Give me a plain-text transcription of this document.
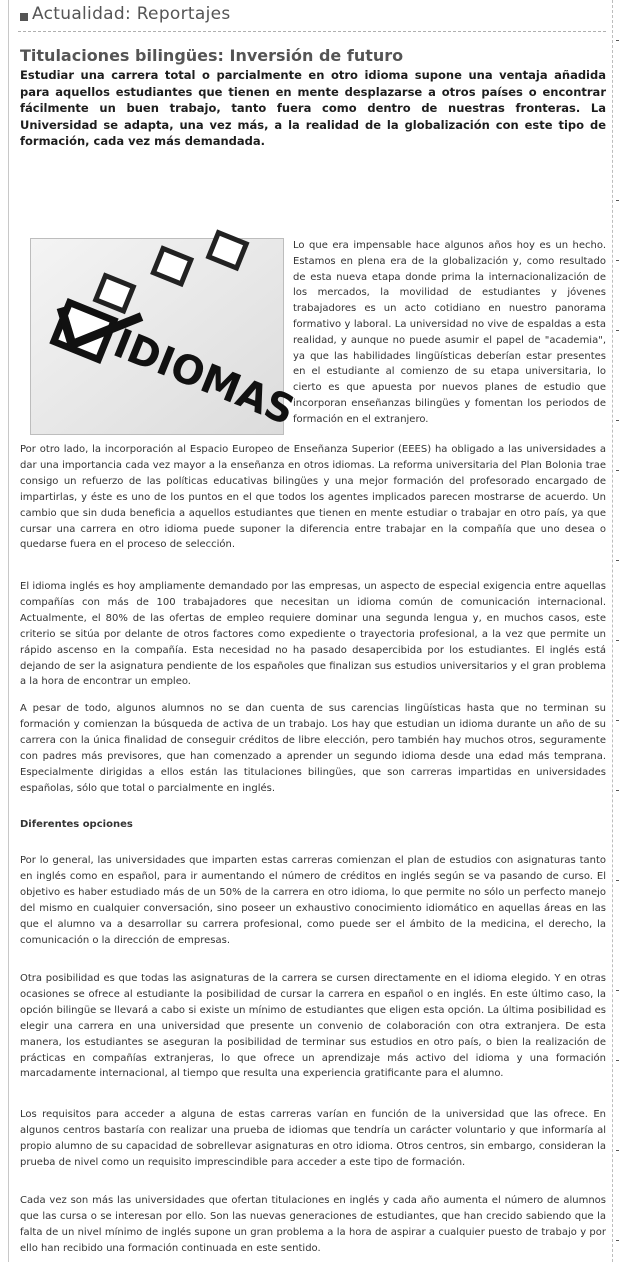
Actualidad: Reportajes
Titulaciones bilingües: Inversión de futuro
Estudiar una carrera total o parcialmente en otro idioma supone una ventaja añadida para aquellos estudiantes que tienen en mente desplazarse a otros países o encontrar fácilmente un buen trabajo, tanto fuera como dentro de nuestras fronteras. La Universidad se adapta, una vez más, a la realidad de la globalización con este tipo de formación, cada vez más demandada.
IDIOMAS
Lo que era impensable hace algunos años hoy es un hecho. Estamos en plena era de la globalización y, como resultado de esta nueva etapa donde prima la internacionalización de los mercados, la movilidad de estudiantes y jóvenes trabajadores es un acto cotidiano en nuestro panorama formativo y laboral. La universidad no vive de espaldas a esta realidad, y aunque no puede asumir el papel de "academia", ya que las habilidades lingüísticas deberían estar presentes en el estudiante al comienzo de su etapa universitaria, lo cierto es que apuesta por nuevos planes de estudio que incorporan enseñanzas bilingües y fomentan los periodos de formación en el extranjero.
Por otro lado, la incorporación al Espacio Europeo de Enseñanza Superior (EEES) ha obligado a las universidades a dar una importancia cada vez mayor a la enseñanza en otros idiomas. La reforma universitaria del Plan Bolonia trae consigo un refuerzo de las políticas educativas bilingües y una mejor formación del profesorado encargado de impartirlas, y éste es uno de los puntos en el que todos los agentes implicados parecen mostrarse de acuerdo. Un cambio que sin duda beneficia a aquellos estudiantes que tienen en mente estudiar o trabajar en otro país, ya que cursar una carrera en otro idioma puede suponer la diferencia entre trabajar en la compañía que uno desea o quedarse fuera en el proceso de selección.
El idioma inglés es hoy ampliamente demandado por las empresas, un aspecto de especial exigencia entre aquellas compañías con más de 100 trabajadores que necesitan un idioma común de comunicación internacional. Actualmente, el 80% de las ofertas de empleo requiere dominar una segunda lengua y, en muchos casos, este criterio se sitúa por delante de otros factores como expediente o trayectoria profesional, a la vez que permite un rápido ascenso en la compañía. Esta necesidad no ha pasado desapercibida por los estudiantes. El inglés está dejando de ser la asignatura pendiente de los españoles que finalizan sus estudios universitarios y el gran problema a la hora de encontrar un empleo.
A pesar de todo, algunos alumnos no se dan cuenta de sus carencias lingüísticas hasta que no terminan su formación y comienzan la búsqueda de activa de un trabajo. Los hay que estudian un idioma durante un año de su carrera con la única finalidad de conseguir créditos de libre elección, pero también hay muchos otros, seguramente con padres más previsores, que han comenzado a aprender un segundo idioma desde una edad más temprana. Especialmente dirigidas a ellos están las titulaciones bilingües, que son carreras impartidas en universidades españolas, sólo que total o parcialmente en inglés.
Diferentes opciones
Por lo general, las universidades que imparten estas carreras comienzan el plan de estudios con asignaturas tanto en inglés como en español, para ir aumentando el número de créditos en inglés según se va pasando de curso. El objetivo es haber estudiado más de un 50% de la carrera en otro idioma, lo que permite no sólo un perfecto manejo del mismo en cualquier conversación, sino poseer un exhaustivo conocimiento idiomático en aquellas áreas en las que el alumno va a desarrollar su carrera profesional, como puede ser el ámbito de la medicina, el derecho, la comunicación o la dirección de empresas.
Otra posibilidad es que todas las asignaturas de la carrera se cursen directamente en el idioma elegido. Y en otras ocasiones se ofrece al estudiante la posibilidad de cursar la carrera en español o en inglés. En este último caso, la opción bilingüe se llevará a cabo si existe un mínimo de estudiantes que eligen esta opción. La última posibilidad es elegir una carrera en una universidad que presente un convenio de colaboración con otra extranjera. De esta manera, los estudiantes se aseguran la posibilidad de terminar sus estudios en otro país, o bien la realización de prácticas en compañías extranjeras, lo que ofrece un aprendizaje más activo del idioma y una formación marcadamente internacional, al tiempo que resulta una experiencia gratificante para el alumno.
Los requisitos para acceder a alguna de estas carreras varían en función de la universidad que las ofrece. En algunos centros bastaría con realizar una prueba de idiomas que tendría un carácter voluntario y que informaría al propio alumno de su capacidad de sobrellevar asignaturas en otro idioma. Otros centros, sin embargo, consideran la prueba de nivel como un requisito imprescindible para acceder a este tipo de formación.
Cada vez son más las universidades que ofertan titulaciones en inglés y cada año aumenta el número de alumnos que las cursa o se interesan por ello. Son las nuevas generaciones de estudiantes, que han crecido sabiendo que la falta de un nivel mínimo de inglés supone un gran problema a la hora de aspirar a cualquier puesto de trabajo y por ello han recibido una formación continuada en este sentido.
